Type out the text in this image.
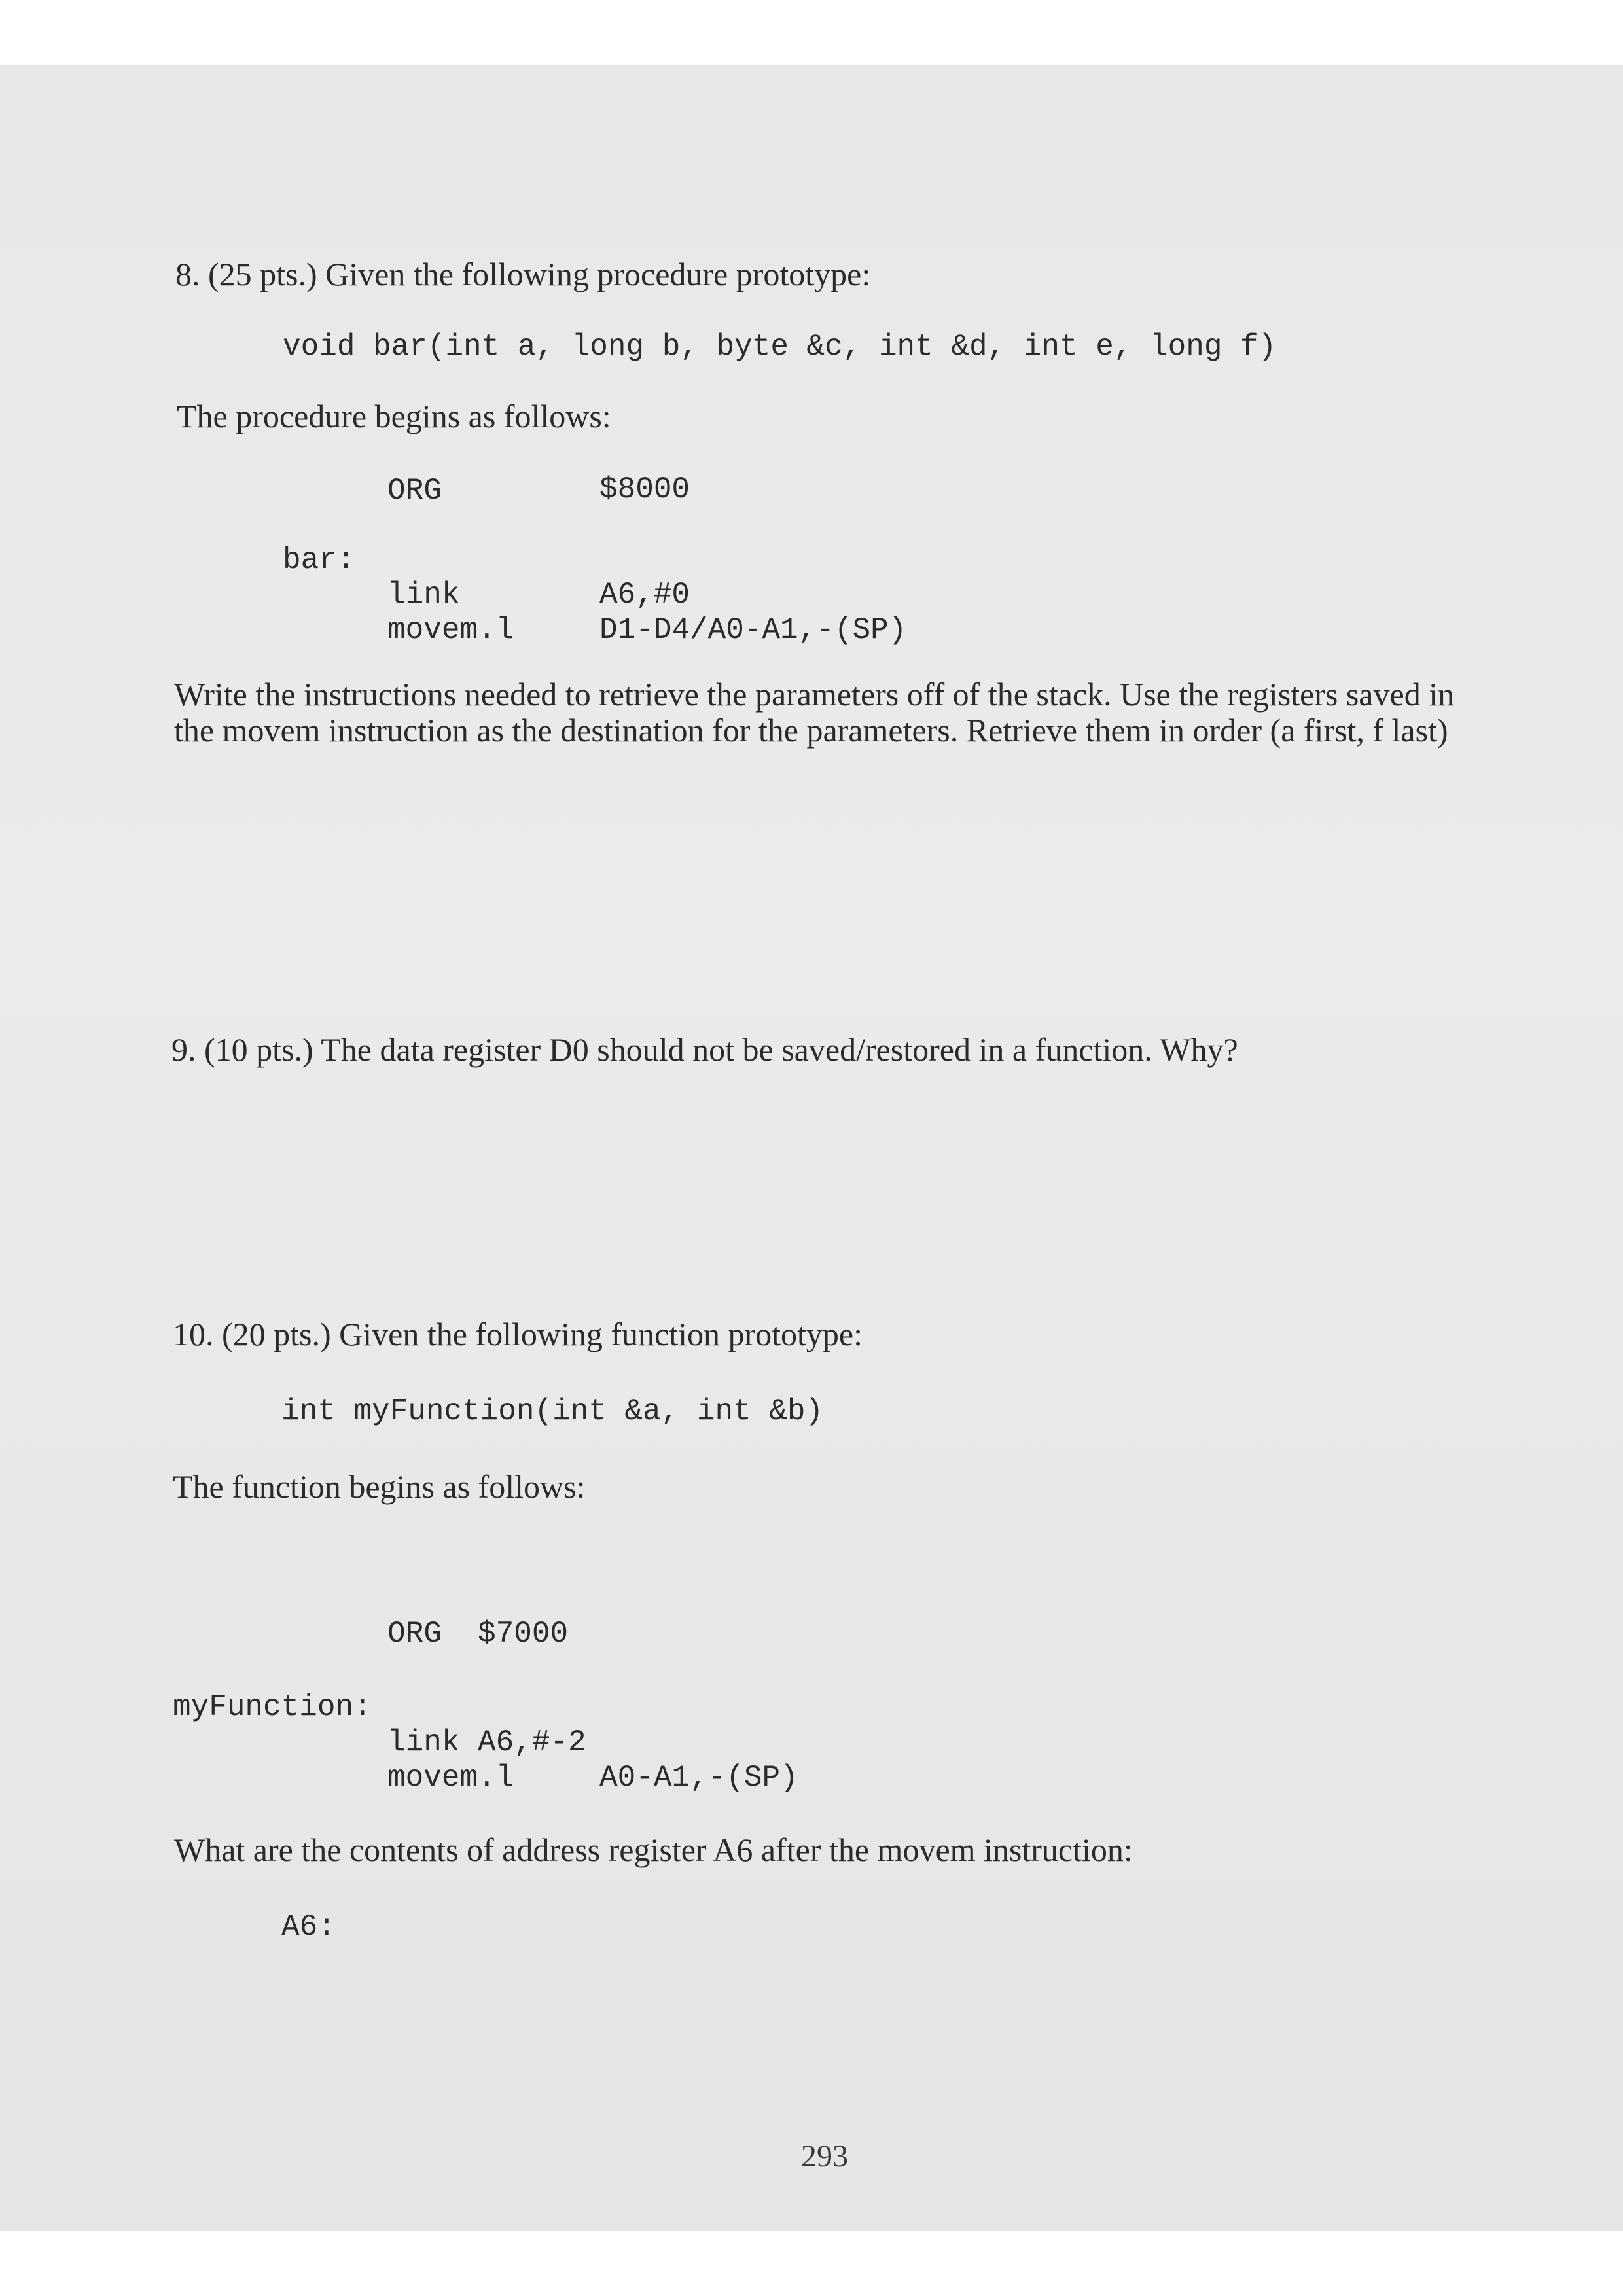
8. (25 pts.) Given the following procedure prototype:
void bar(int a, long b, byte &c, int &d, int e, long f)
The procedure begins as follows:
ORG	$8000
bar:
link	A6,#0
movem.l	D1-D4/A0-A1,-(SP)
Write the instructions needed to retrieve the parameters off of the stack. Use the registers saved in the movem instruction as the destination for the parameters. Retrieve them in order (a first, f last)
9. (10 pts.) The data register D0 should not be saved/restored in a function. Why?
10. (20 pts.) Given the following function prototype:
int myFunction(int &a, int &b)
The function begins as follows:
ORG  $7000
myFunction:
link A6,#-2
movem.l	A0-A1,-(SP)
What are the contents of address register A6 after the movem instruction:
A6:
293
